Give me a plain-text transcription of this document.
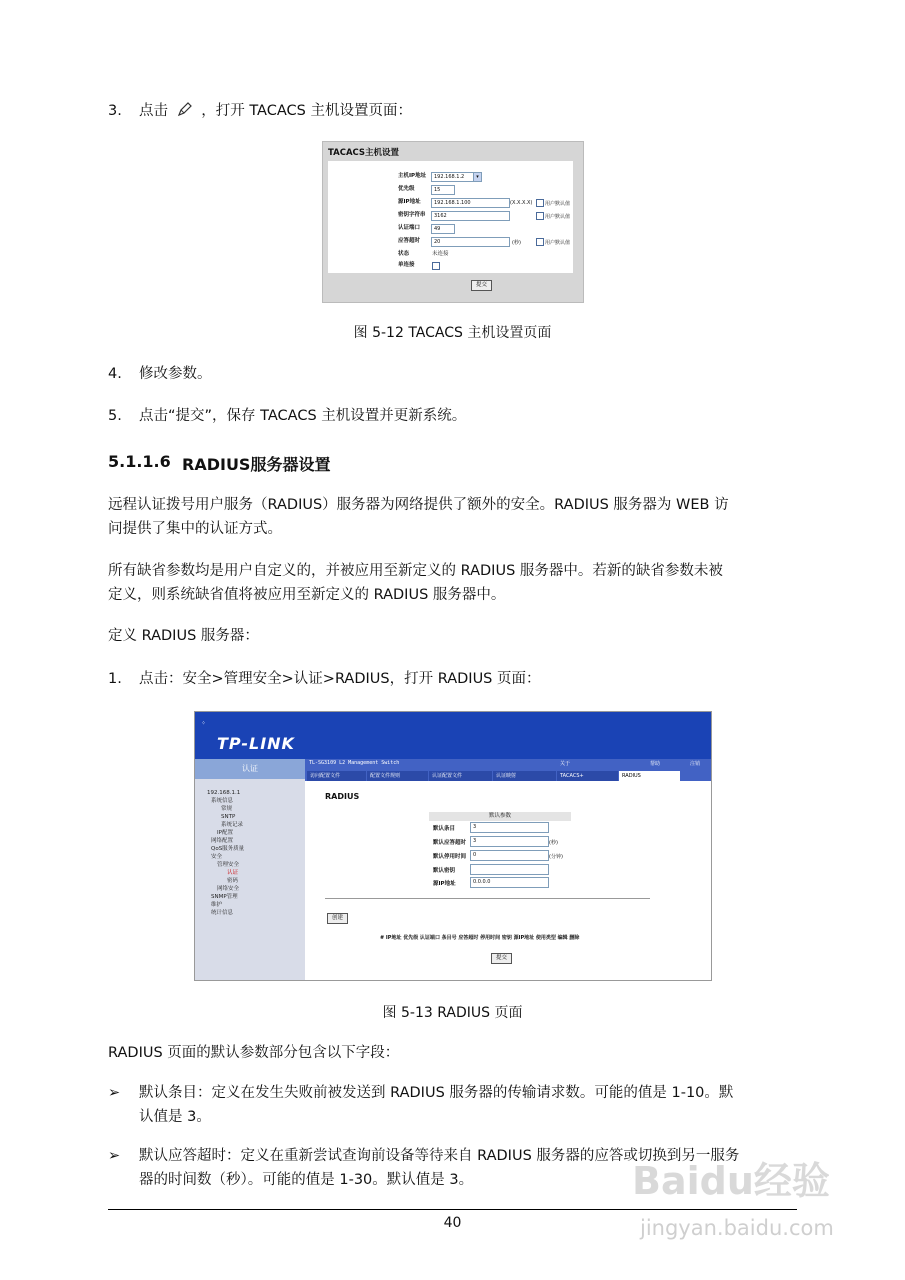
3. 点击 ，打开 TACACS 主机设置页面：
TACACS主机设置
主机IP地址	192.168.1.2	▾
优先级	15
源IP地址	192.168.1.100	(X.X.X.X)	用户默认值
密钥字符串	3162	用户默认值
认证端口	49
应答超时	20	(秒)	用户默认值
状态	未连接
单连接
提交
图 5-12 TACACS 主机设置页面
4. 修改参数。
5. 点击“提交”，保存 TACACS 主机设置并更新系统。
5.1.1.6 RADIUS服务器设置
远程认证拨号用户服务（RADIUS）服务器为网络提供了额外的安全。RADIUS 服务器为 WEB 访
问提供了集中的认证方式。
所有缺省参数均是用户自定义的，并被应用至新定义的 RADIUS 服务器中。若新的缺省参数未被
定义，则系统缺省值将被应用至新定义的 RADIUS 服务器中。
定义 RADIUS 服务器：
1. 点击：安全>管理安全>认证>RADIUS，打开 RADIUS 页面：
⁘
TP-LINK
认证
192.168.1.1
系统信息
常规
SNTP
系统记录
IP配置
网络配置
QoS服务质量
安全
管理安全
认证
密码
网络安全
SNMP管理
维护
统计信息
TL-SG3109 L2 Management Switch	关于	帮助	注销
访问配置文件	配置文件规则	认证配置文件	认证映射	TACACS+	RADIUS
RADIUS
默认参数
默认条目	3
默认应答超时	3	(秒)
默认停用时间	0	(分钟)
默认密钥
源IP地址	0.0.0.0
创建
# IP地址 优先级 认证端口 条目号 应答超时 停用时间 密钥 源IP地址 使用类型 编辑 删除
提交
图 5-13 RADIUS 页面
RADIUS 页面的默认参数部分包含以下字段：
➢ 默认条目：定义在发生失败前被发送到 RADIUS 服务器的传输请求数。可能的值是 1-10。默
认值是 3。
➢ 默认应答超时：定义在重新尝试查询前设备等待来自 RADIUS 服务器的应答或切换到另一服务
器的时间数（秒）。可能的值是 1-30。默认值是 3。	Baidu经验
jingyan.baidu.com
40
